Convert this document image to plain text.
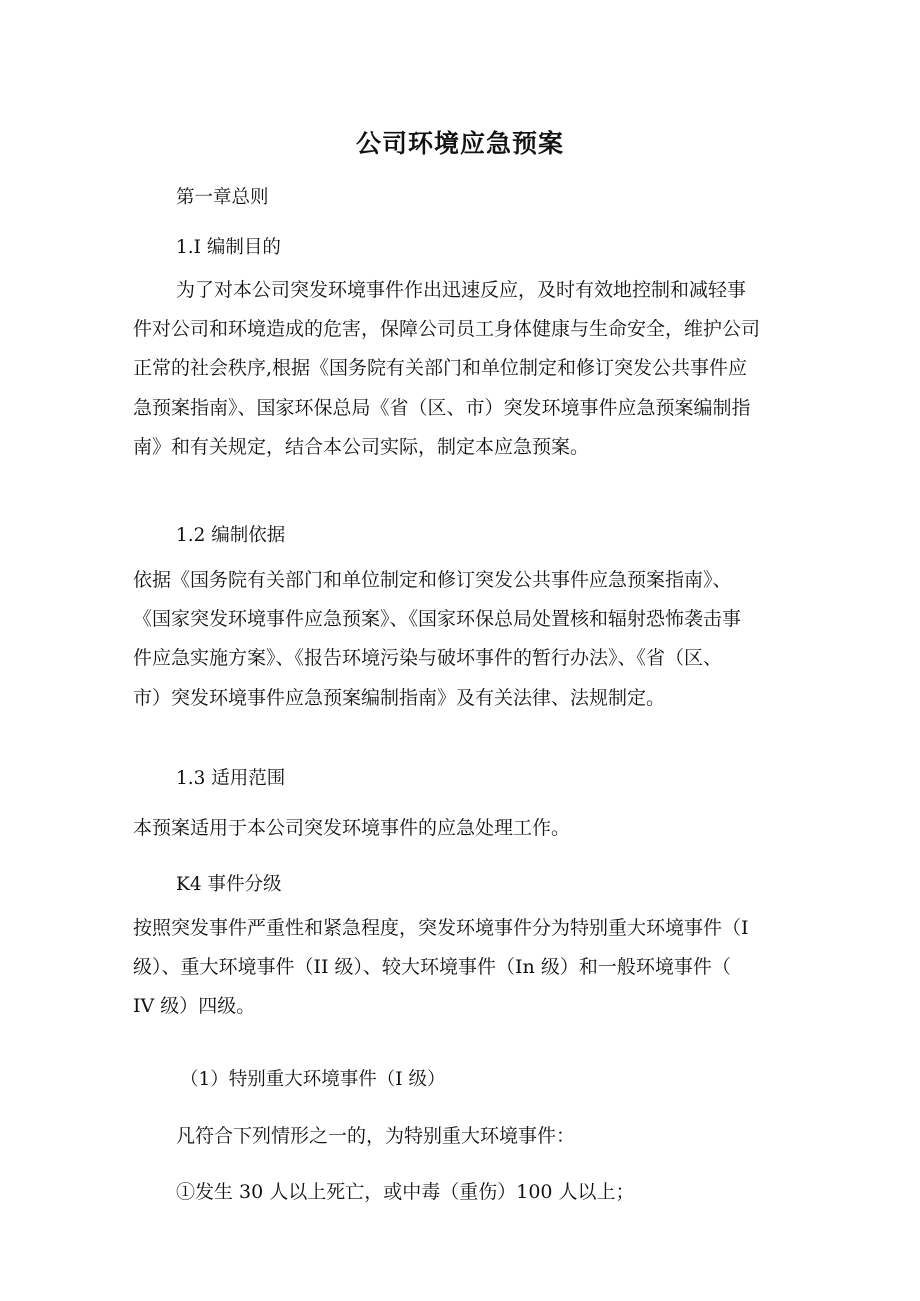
公司环境应急预案
第一章总则
1.I 编制目的
为了对本公司突发环境事件作出迅速反应，及时有效地控制和减轻事
件对公司和环境造成的危害，保障公司员工身体健康与生命安全，维护公司
正常的社会秩序,根据《国务院有关部门和单位制定和修订突发公共事件应
急预案指南》、国家环保总局《省（区、市）突发环境事件应急预案编制指
南》和有关规定，结合本公司实际，制定本应急预案。
1.2 编制依据
依据《国务院有关部门和单位制定和修订突发公共事件应急预案指南》、
《国家突发环境事件应急预案》、《国家环保总局处置核和辐射恐怖袭击事
件应急实施方案》、《报告环境污染与破坏事件的暂行办法》、《省（区、
市）突发环境事件应急预案编制指南》及有关法律、法规制定。
1.3 适用范围
本预案适用于本公司突发环境事件的应急处理工作。
K4 事件分级
按照突发事件严重性和紧急程度，突发环境事件分为特别重大环境事件（I
级）、重大环境事件（II 级）、较大环境事件（In 级）和一般环境事件（
IV 级）四级。
（1）特别重大环境事件（I 级）
凡符合下列情形之一的，为特别重大环境事件：
①发生 30 人以上死亡，或中毒（重伤）100 人以上；
